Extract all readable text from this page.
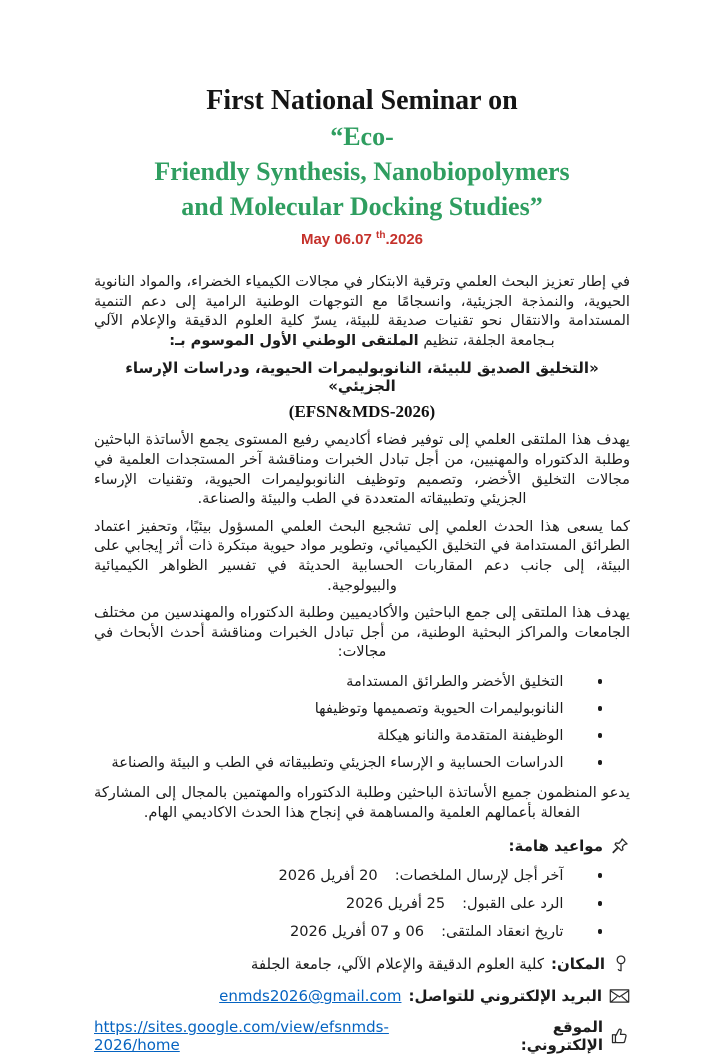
First National Seminar on
“Eco-
Friendly Synthesis, Nanobiopolymers
and Molecular Docking Studies”
May 06.07 $^{th}$.2026

في إطار تعزيز البحث العلمي وترقية الابتكار في مجالات الكيمياء الخضراء، والمواد النانوية الحيوية، والنمذجة الجزيئية، وانسجامًا مع التوجهات الوطنية الرامية إلى دعم التنمية المستدامة والانتقال نحو تقنيات صديقة للبيئة، يسرّ كلية العلوم الدقيقة والإعلام الآلي بـجامعة الجلفة، تنظيم الملتقى الوطني الأول الموسوم بـ:

«التخليق الصديق للبيئة، النانوبوليمرات الحيوية، ودراسات الإرساء الجزيئي»
(EFSN&MDS-2026)

يهدف هذا الملتقى العلمي إلى توفير فضاء أكاديمي رفيع المستوى يجمع الأساتذة الباحثين وطلبة الدكتوراه والمهنيين، من أجل تبادل الخبرات ومناقشة آخر المستجدات العلمية في مجالات التخليق الأخضر، وتصميم وتوظيف النانوبوليمرات الحيوية، وتقنيات الإرساء الجزيئي وتطبيقاته المتعددة في الطب والبيئة والصناعة.

كما يسعى هذا الحدث العلمي إلى تشجيع البحث العلمي المسؤول بيئيًا، وتحفيز اعتماد الطرائق المستدامة في التخليق الكيميائي، وتطوير مواد حيوية مبتكرة ذات أثر إيجابي على البيئة، إلى جانب دعم المقاربات الحسابية الحديثة في تفسير الظواهر الكيميائية والبيولوجية.

يهدف هذا الملتقى إلى جمع الباحثين والأكاديميين وطلبة الدكتوراه والمهندسين من مختلف الجامعات والمراكز البحثية الوطنية، من أجل تبادل الخبرات ومناقشة أحدث الأبحاث في مجالات:

التخليق الأخضر والطرائق المستدامة
النانوبوليمرات الحيوية وتصميمها وتوظيفها
الوظيفنة المتقدمة والنانو هيكلة
الدراسات الحسابية و الإرساء الجزيئي وتطبيقاته في الطب و البيئة والصناعة

يدعو المنظمون جميع الأساتذة الباحثين وطلبة الدكتوراه والمهتمين بالمجال إلى المشاركة الفعالة بأعمالهم العلمية والمساهمة في إنجاح هذا الحدث الاكاديمي الهام.

مواعيد هامة:
آخر أجل لإرسال الملخصات:
20 أفريل 2026
الرد على القبول:
25 أفريل 2026
تاريخ انعقاد الملتقى:
06 و 07 أفريل 2026
المكان:
كلية العلوم الدقيقة والإعلام الآلي، جامعة الجلفة
البريد الإلكتروني للتواصل:
enmds2026@gmail.com
الموقع الإلكتروني:
https://sites.google.com/view/efsnmds-2026/home
